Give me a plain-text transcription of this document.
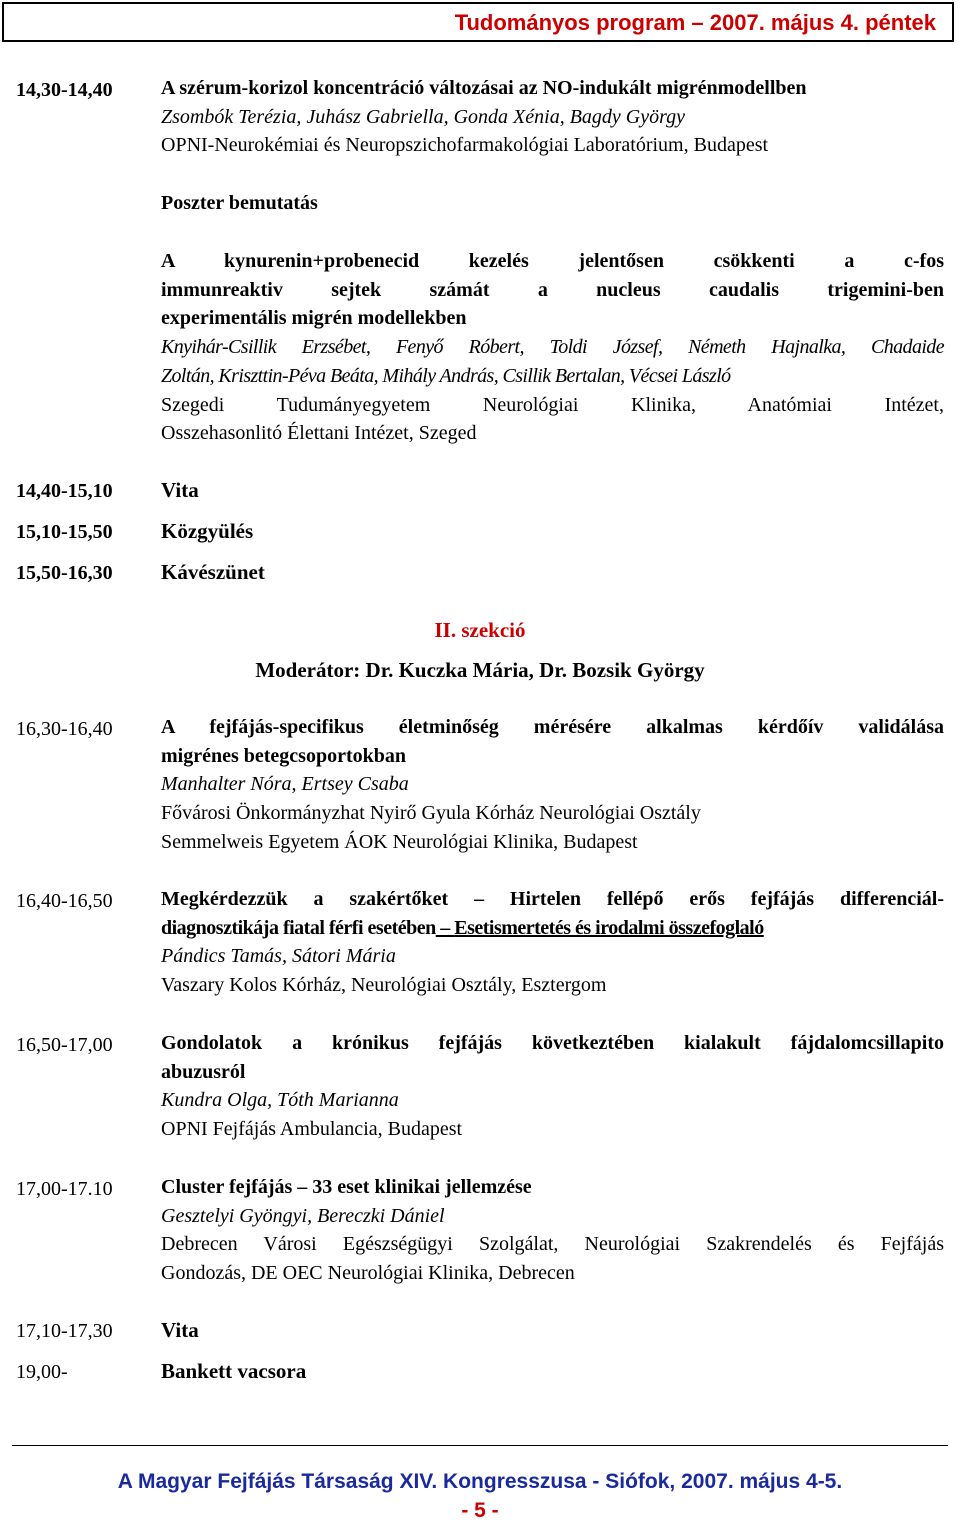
Tudományos program – 2007. május 4. péntek
14,30-14,40 A szérum-korizol koncentráció változásai az NO-indukált migrénmodellben
Zsombók Terézia, Juhász Gabriella, Gonda Xénia, Bagdy György
OPNI-Neurokémiai és Neuropszichofarmakológiai Laboratórium, Budapest
Poszter bemutatás
A kynurenin+probenecid kezelés jelentősen csökkenti a c-fos
immunreaktiv sejtek számát a nucleus caudalis trigemini-ben
experimentális migrén modellekben
Knyihár-Csillik Erzsébet, Fenyő Róbert, Toldi József, Németh Hajnalka, Chadaide
Zoltán, Kriszttin-Péva Beáta, Mihály András, Csillik Bertalan, Vécsei László
Szegedi Tudumányegyetem Neurológiai Klinika, Anatómiai Intézet,
Osszehasonlitó Élettani Intézet, Szeged
14,40-15,10 Vita
15,10-15,50 Közgyülés
15,50-16,30 Kávészünet
II. szekció
Moderátor: Dr. Kuczka Mária, Dr. Bozsik György
16,30-16,40 A fejfájás-specifikus életminőség mérésére alkalmas kérdőív validálása
migrénes betegcsoportokban
Manhalter Nóra, Ertsey Csaba
Fővárosi Önkormányzhat Nyirő Gyula Kórház Neurológiai Osztály
Semmelweis Egyetem ÁOK Neurológiai Klinika, Budapest
16,40-16,50 Megkérdezzük a szakértőket – Hirtelen fellépő erős fejfájás differenciál-
diagnosztikája fiatal férfi esetében – Esetismertetés és irodalmi összefoglaló
Pándics Tamás, Sátori Mária
Vaszary Kolos Kórház, Neurológiai Osztály, Esztergom
16,50-17,00 Gondolatok a krónikus fejfájás következtében kialakult fájdalomcsillapito
abuzusról
Kundra Olga, Tóth Marianna
OPNI Fejfájás Ambulancia, Budapest
17,00-17.10 Cluster fejfájás – 33 eset klinikai jellemzése
Gesztelyi Gyöngyi, Bereczki Dániel
Debrecen Városi Egészségügyi Szolgálat, Neurológiai Szakrendelés és Fejfájás
Gondozás, DE OEC Neurológiai Klinika, Debrecen
17,10-17,30 Vita
19,00-	Bankett vacsora
A Magyar Fejfájás Társaság XIV. Kongresszusa - Siófok, 2007. május 4-5.
- 5 -
